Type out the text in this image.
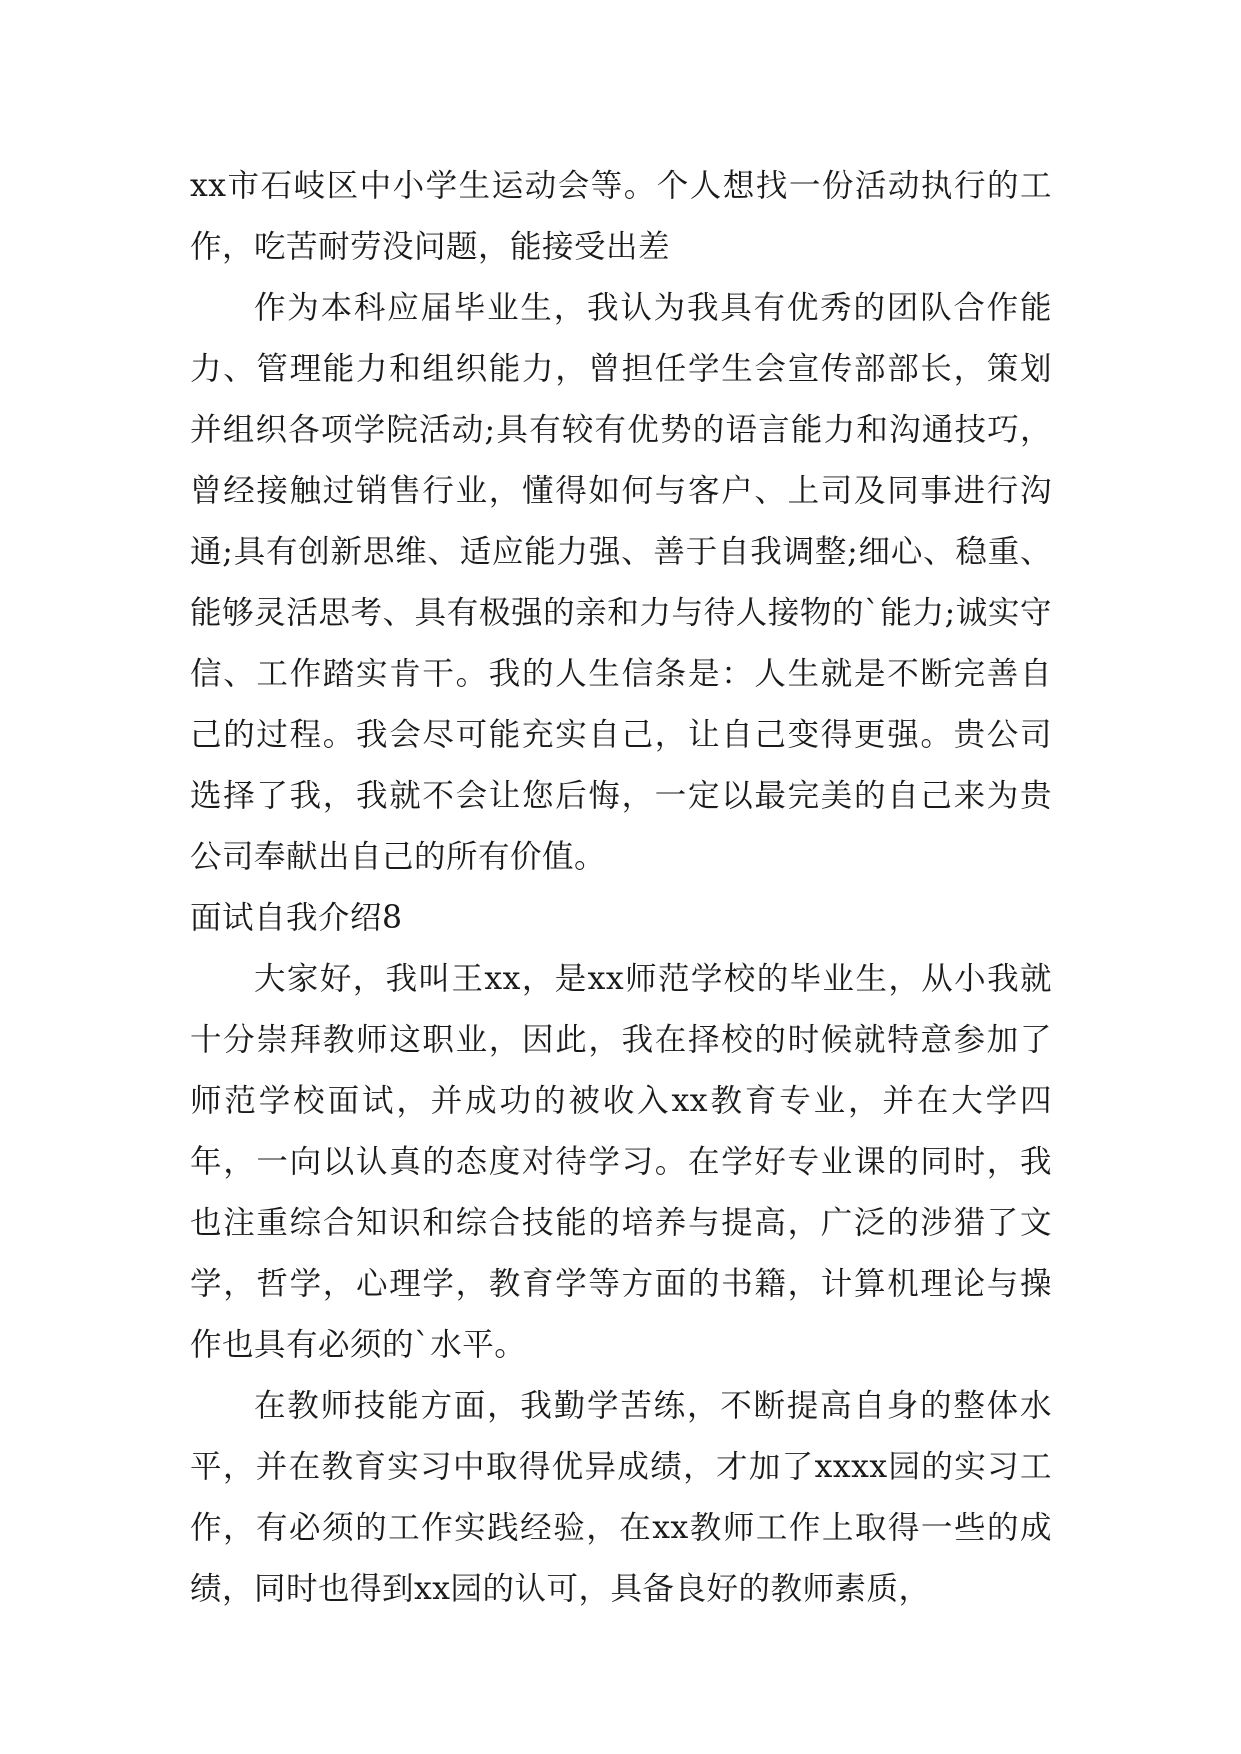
xx市石岐区中小学生运动会等。个人想找一份活动执行的工作，吃苦耐劳没问题，能接受出差

作为本科应届毕业生，我认为我具有优秀的团队合作能力、管理能力和组织能力，曾担任学生会宣传部部长，策划并组织各项学院活动;具有较有优势的语言能力和沟通技巧，曾经接触过销售行业，懂得如何与客户、上司及同事进行沟通;具有创新思维、适应能力强、善于自我调整;细心、稳重、能够灵活思考、具有极强的亲和力与待人接物的`能力;诚实守信、工作踏实肯干。我的人生信条是：人生就是不断完善自己的过程。我会尽可能充实自己，让自己变得更强。贵公司选择了我，我就不会让您后悔，一定以最完美的自己来为贵公司奉献出自己的所有价值。

面试自我介绍8

大家好，我叫王xx，是xx师范学校的毕业生，从小我就十分崇拜教师这职业，因此，我在择校的时候就特意参加了师范学校面试，并成功的被收入xx教育专业，并在大学四年，一向以认真的态度对待学习。在学好专业课的同时，我也注重综合知识和综合技能的培养与提高，广泛的涉猎了文学，哲学，心理学，教育学等方面的书籍，计算机理论与操作也具有必须的`水平。

在教师技能方面，我勤学苦练，不断提高自身的整体水平，并在教育实习中取得优异成绩，才加了xxxx园的实习工作，有必须的工作实践经验，在xx教师工作上取得一些的成绩，同时也得到xx园的认可，具备良好的教师素质，
